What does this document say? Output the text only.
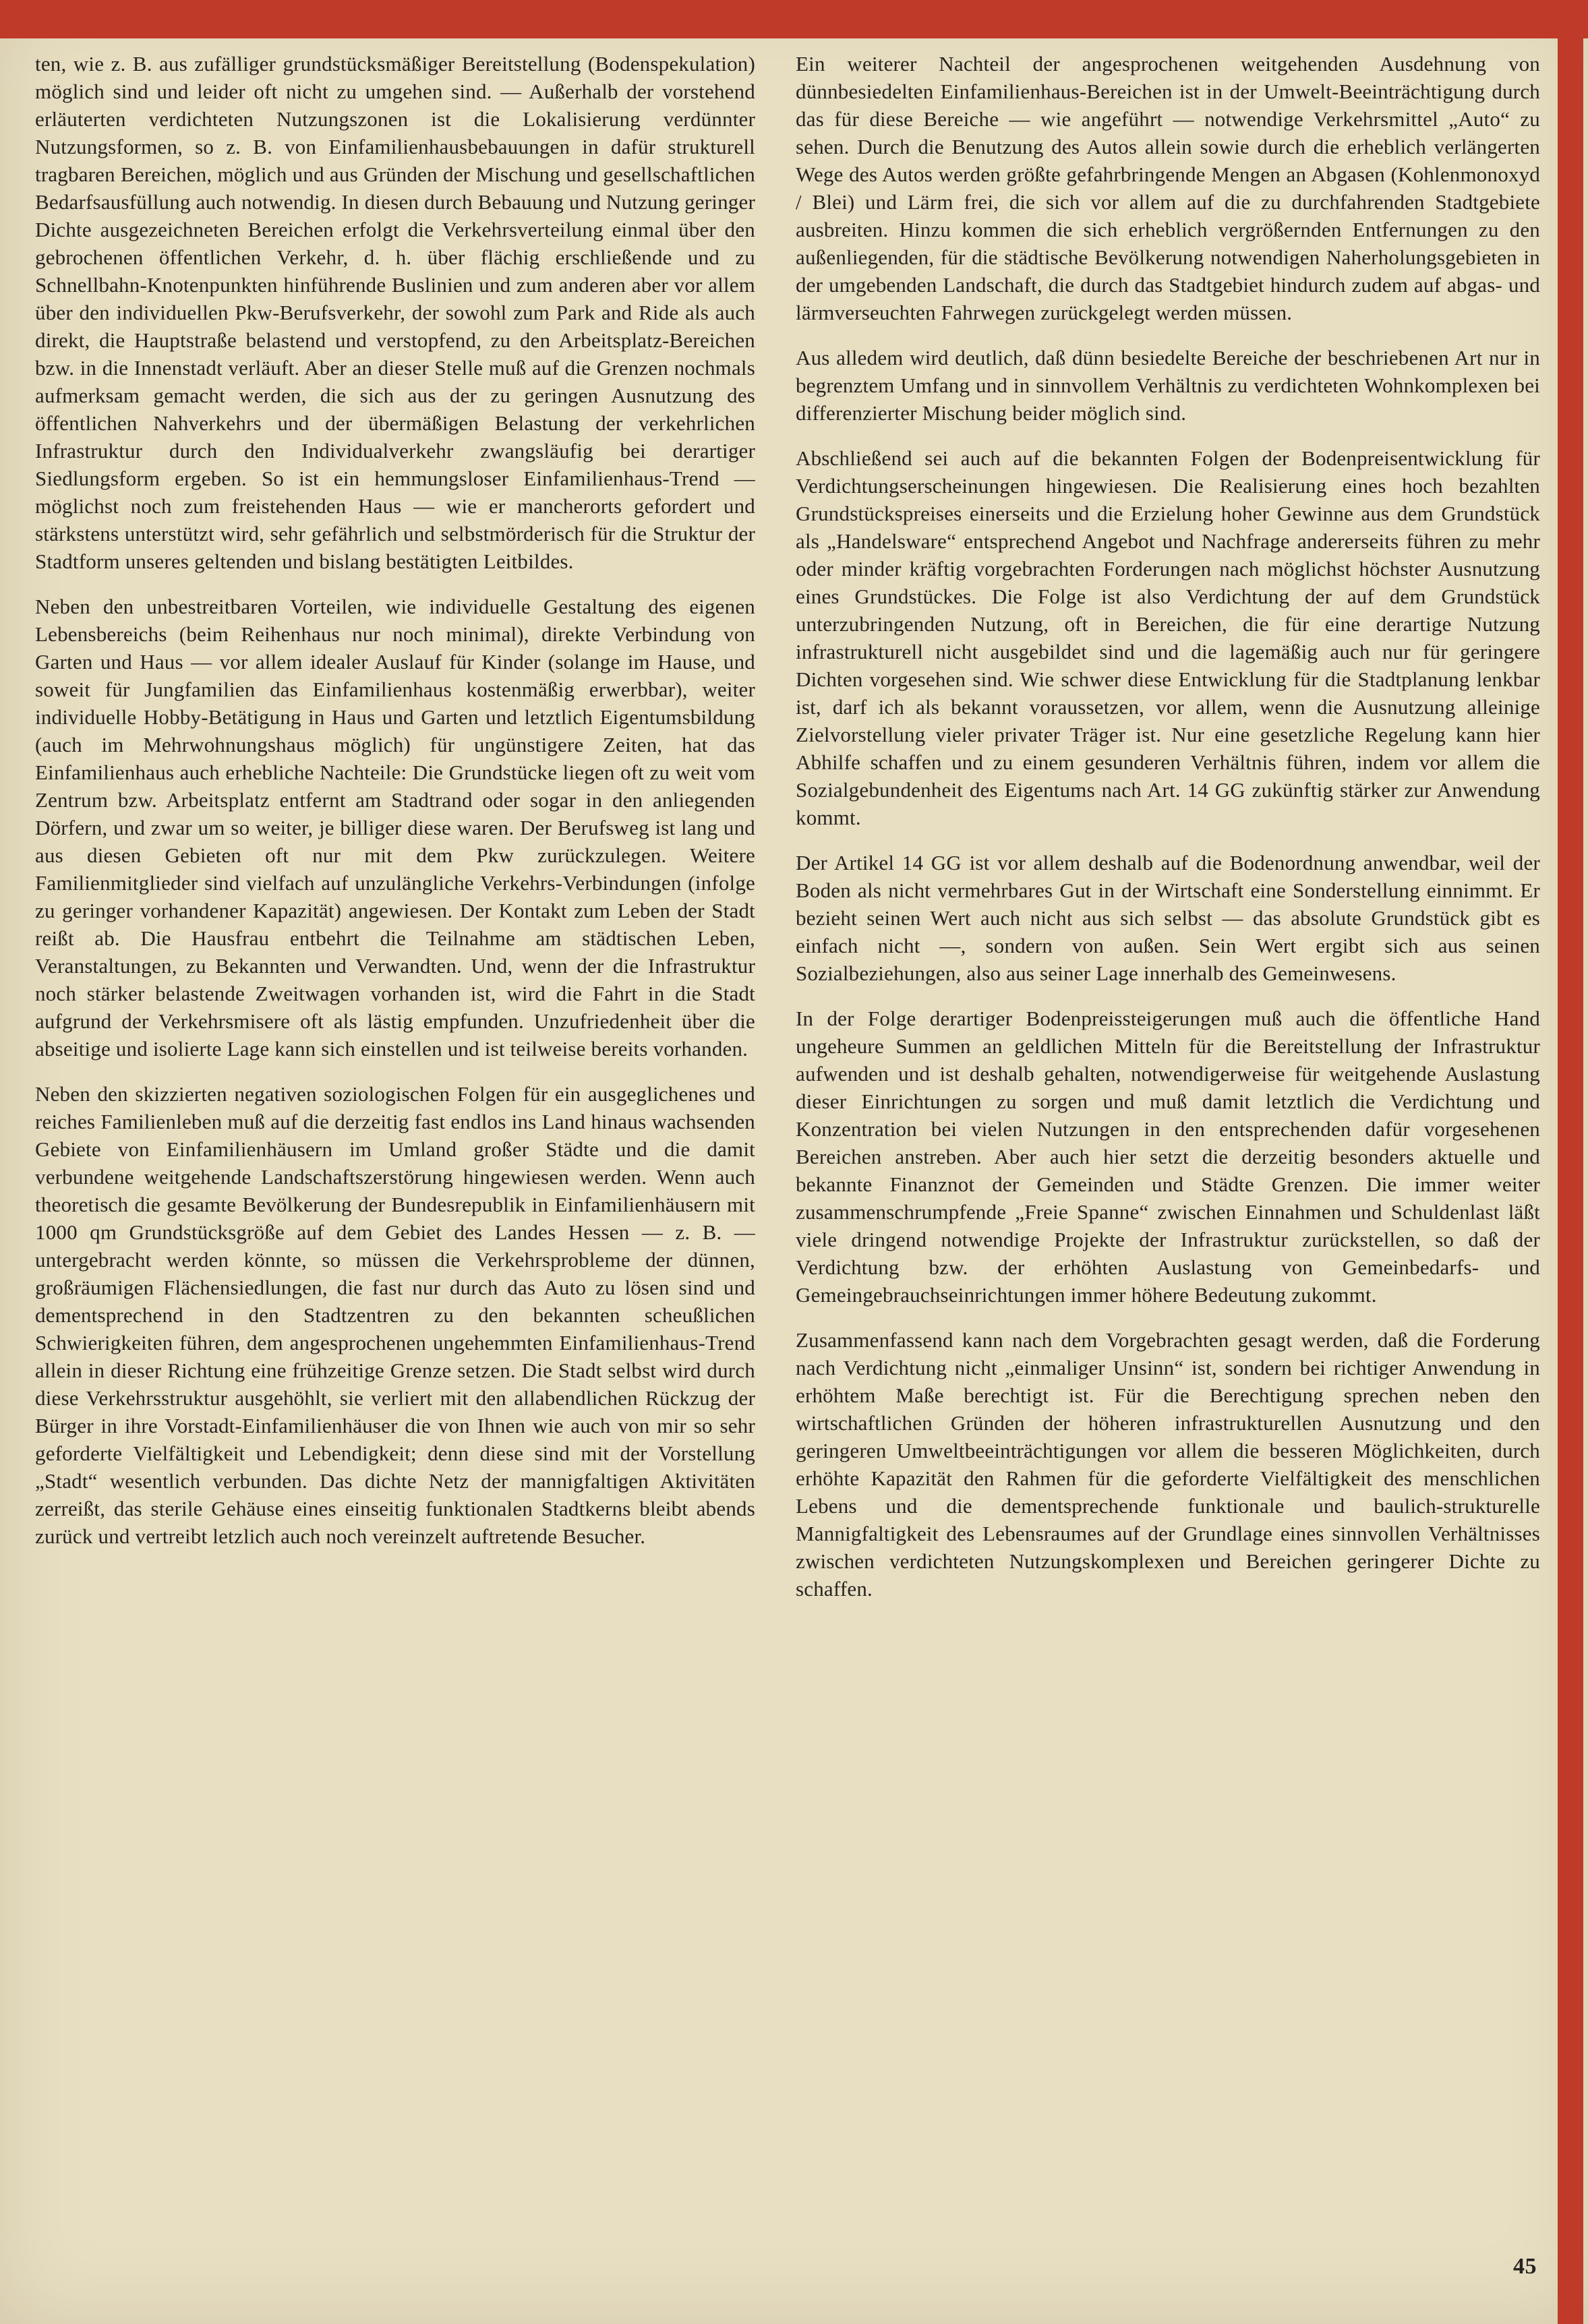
ten, wie z. B. aus zufälliger grundstücksmäßiger Bereitstellung (Bodenspekulation) möglich sind und leider oft nicht zu umgehen sind. — Außerhalb der vorstehend erläuterten verdichteten Nutzungszonen ist die Lokalisierung verdünnter Nutzungsformen, so z. B. von Einfamilienhausbebauungen in dafür strukturell tragbaren Bereichen, möglich und aus Gründen der Mischung und gesellschaftlichen Bedarfsausfüllung auch notwendig. In diesen durch Bebauung und Nutzung geringer Dichte ausgezeichneten Bereichen erfolgt die Verkehrsverteilung einmal über den gebrochenen öffentlichen Verkehr, d. h. über flächig erschließende und zu Schnellbahn-Knotenpunkten hinführende Buslinien und zum anderen aber vor allem über den individuellen Pkw-Berufsverkehr, der sowohl zum Park and Ride als auch direkt, die Hauptstraße belastend und verstopfend, zu den Arbeitsplatz-Bereichen bzw. in die Innenstadt verläuft. Aber an dieser Stelle muß auf die Grenzen nochmals aufmerksam gemacht werden, die sich aus der zu geringen Ausnutzung des öffentlichen Nahverkehrs und der übermäßigen Belastung der verkehrlichen Infrastruktur durch den Individualverkehr zwangsläufig bei derartiger Siedlungsform ergeben. So ist ein hemmungsloser Einfamilienhaus-Trend — möglichst noch zum freistehenden Haus — wie er mancherorts gefordert und stärkstens unterstützt wird, sehr gefährlich und selbstmörderisch für die Struktur der Stadtform unseres geltenden und bislang bestätigten Leitbildes.

Neben den unbestreitbaren Vorteilen, wie individuelle Gestaltung des eigenen Lebensbereichs (beim Reihenhaus nur noch minimal), direkte Verbindung von Garten und Haus — vor allem idealer Auslauf für Kinder (solange im Hause, und soweit für Jungfamilien das Einfamilienhaus kostenmäßig erwerbbar), weiter individuelle Hobby-Betätigung in Haus und Garten und letztlich Eigentumsbildung (auch im Mehrwohnungshaus möglich) für ungünstigere Zeiten, hat das Einfamilienhaus auch erhebliche Nachteile: Die Grundstücke liegen oft zu weit vom Zentrum bzw. Arbeitsplatz entfernt am Stadtrand oder sogar in den anliegenden Dörfern, und zwar um so weiter, je billiger diese waren. Der Berufsweg ist lang und aus diesen Gebieten oft nur mit dem Pkw zurückzulegen. Weitere Familienmitglieder sind vielfach auf unzulängliche Verkehrs-Verbindungen (infolge zu geringer vorhandener Kapazität) angewiesen. Der Kontakt zum Leben der Stadt reißt ab. Die Hausfrau entbehrt die Teilnahme am städtischen Leben, Veranstaltungen, zu Bekannten und Verwandten. Und, wenn der die Infrastruktur noch stärker belastende Zweitwagen vorhanden ist, wird die Fahrt in die Stadt aufgrund der Verkehrsmisere oft als lästig empfunden. Unzufriedenheit über die abseitige und isolierte Lage kann sich einstellen und ist teilweise bereits vorhanden.

Neben den skizzierten negativen soziologischen Folgen für ein ausgeglichenes und reiches Familienleben muß auf die derzeitig fast endlos ins Land hinaus wachsenden Gebiete von Einfamilienhäusern im Umland großer Städte und die damit verbundene weitgehende Landschaftszerstörung hingewiesen werden. Wenn auch theoretisch die gesamte Bevölkerung der Bundesrepublik in Einfamilienhäusern mit 1000 qm Grundstücksgröße auf dem Gebiet des Landes Hessen — z. B. — untergebracht werden könnte, so müssen die Verkehrsprobleme der dünnen, großräumigen Flächensiedlungen, die fast nur durch das Auto zu lösen sind und dementsprechend in den Stadtzentren zu den bekannten scheußlichen Schwierigkeiten führen, dem angesprochenen ungehemmten Einfamilienhaus-Trend allein in dieser Richtung eine frühzeitige Grenze setzen. Die Stadt selbst wird durch diese Verkehrsstruktur ausgehöhlt, sie verliert mit den allabendlichen Rückzug der Bürger in ihre Vorstadt-Einfamilienhäuser die von Ihnen wie auch von mir so sehr geforderte Vielfältigkeit und Lebendigkeit; denn diese sind mit der Vorstellung „Stadt“ wesentlich verbunden. Das dichte Netz der mannigfaltigen Aktivitäten zerreißt, das sterile Gehäuse eines einseitig funktionalen Stadtkerns bleibt abends zurück und vertreibt letzlich auch noch vereinzelt auftretende Besucher.

Ein weiterer Nachteil der angesprochenen weitgehenden Ausdehnung von dünnbesiedelten Einfamilienhaus-Bereichen ist in der Umwelt-Beeinträchtigung durch das für diese Bereiche — wie angeführt — notwendige Verkehrsmittel „Auto“ zu sehen. Durch die Benutzung des Autos allein sowie durch die erheblich verlängerten Wege des Autos werden größte gefahrbringende Mengen an Abgasen (Kohlenmonoxyd / Blei) und Lärm frei, die sich vor allem auf die zu durchfahrenden Stadtgebiete ausbreiten. Hinzu kommen die sich erheblich vergrößernden Entfernungen zu den außenliegenden, für die städtische Bevölkerung notwendigen Naherholungsgebieten in der umgebenden Landschaft, die durch das Stadtgebiet hindurch zudem auf abgas- und lärmverseuchten Fahrwegen zurückgelegt werden müssen.

Aus alledem wird deutlich, daß dünn besiedelte Bereiche der beschriebenen Art nur in begrenztem Umfang und in sinnvollem Verhältnis zu verdichteten Wohnkomplexen bei differenzierter Mischung beider möglich sind.

Abschließend sei auch auf die bekannten Folgen der Bodenpreisentwicklung für Verdichtungserscheinungen hingewiesen. Die Realisierung eines hoch bezahlten Grundstückspreises einerseits und die Erzielung hoher Gewinne aus dem Grundstück als „Handelsware“ entsprechend Angebot und Nachfrage andererseits führen zu mehr oder minder kräftig vorgebrachten Forderungen nach möglichst höchster Ausnutzung eines Grundstückes. Die Folge ist also Verdichtung der auf dem Grundstück unterzubringenden Nutzung, oft in Bereichen, die für eine derartige Nutzung infrastrukturell nicht ausgebildet sind und die lagemäßig auch nur für geringere Dichten vorgesehen sind. Wie schwer diese Entwicklung für die Stadtplanung lenkbar ist, darf ich als bekannt voraussetzen, vor allem, wenn die Ausnutzung alleinige Zielvorstellung vieler privater Träger ist. Nur eine gesetzliche Regelung kann hier Abhilfe schaffen und zu einem gesunderen Verhältnis führen, indem vor allem die Sozialgebundenheit des Eigentums nach Art. 14 GG zukünftig stärker zur Anwendung kommt.

Der Artikel 14 GG ist vor allem deshalb auf die Bodenordnung anwendbar, weil der Boden als nicht vermehrbares Gut in der Wirtschaft eine Sonderstellung einnimmt. Er bezieht seinen Wert auch nicht aus sich selbst — das absolute Grundstück gibt es einfach nicht —, sondern von außen. Sein Wert ergibt sich aus seinen Sozialbeziehungen, also aus seiner Lage innerhalb des Gemeinwesens.

In der Folge derartiger Bodenpreissteigerungen muß auch die öffentliche Hand ungeheure Summen an geldlichen Mitteln für die Bereitstellung der Infrastruktur aufwenden und ist deshalb gehalten, notwendigerweise für weitgehende Auslastung dieser Einrichtungen zu sorgen und muß damit letztlich die Verdichtung und Konzentration bei vielen Nutzungen in den entsprechenden dafür vorgesehenen Bereichen anstreben. Aber auch hier setzt die derzeitig besonders aktuelle und bekannte Finanznot der Gemeinden und Städte Grenzen. Die immer weiter zusammenschrumpfende „Freie Spanne“ zwischen Einnahmen und Schuldenlast läßt viele dringend notwendige Projekte der Infrastruktur zurückstellen, so daß der Verdichtung bzw. der erhöhten Auslastung von Gemeinbedarfs- und Gemeingebrauchseinrichtungen immer höhere Bedeutung zukommt.

Zusammenfassend kann nach dem Vorgebrachten gesagt werden, daß die Forderung nach Verdichtung nicht „einmaliger Unsinn“ ist, sondern bei richtiger Anwendung in erhöhtem Maße berechtigt ist. Für die Berechtigung sprechen neben den wirtschaftlichen Gründen der höheren infrastrukturellen Ausnutzung und den geringeren Umweltbeeinträchtigungen vor allem die besseren Möglichkeiten, durch erhöhte Kapazität den Rahmen für die geforderte Vielfältigkeit des menschlichen Lebens und die dementsprechende funktionale und baulich-strukturelle Mannigfaltigkeit des Lebensraumes auf der Grundlage eines sinnvollen Verhältnisses zwischen verdichteten Nutzungskomplexen und Bereichen geringerer Dichte zu schaffen.

45
